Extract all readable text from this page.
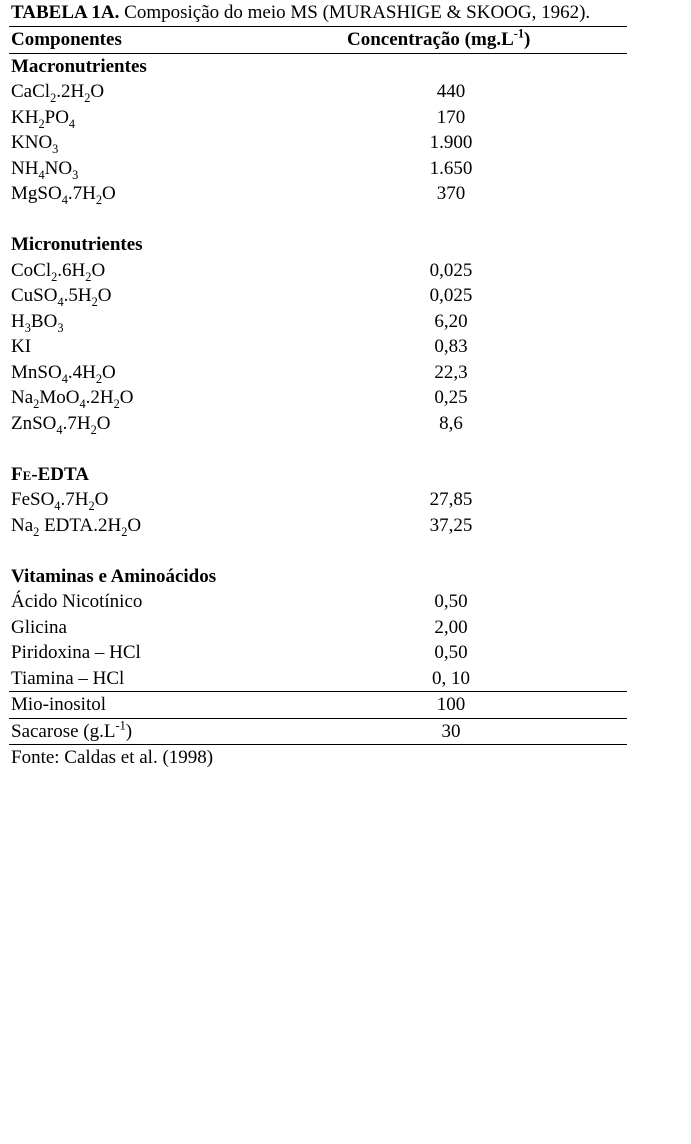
TABELA 1A. Composição do meio MS (MURASHIGE & SKOOG, 1962).
Componentes	Concentração $(mg.L^{-1})$
Macronutrientes	
$CaCl_2.2H_2O$	440
$KH_2PO_4$	170
$KNO_3$	1.900
$NH_4NO_3$	1.650
$MgSO_4.7H_2O$	370

Micronutrientes	
$CoCl_2.6H_2O$	0,025
$CuSO_4.5H_2O$	0,025
$H_3BO_3$	6,20
KI	0,83
$MnSO_4.4H_2O$	22,3
$Na_2MoO_4.2H_2O$	0,25
$ZnSO_4.7H_2O$	8,6

Fe-EDTA	
$FeSO_4.7H_2O$	27,85
$Na_2$ $EDTA.2H_2O$	37,25

Vitaminas e Aminoácidos	
Ácido Nicotínico	0,50
Glicina	2,00
Piridoxina – HCl	0,50
Tiamina – HCl	0, 10
Mio-inositol	100
Sacarose $(g.L^{-1})$	30
Fonte: Caldas et al. (1998)
